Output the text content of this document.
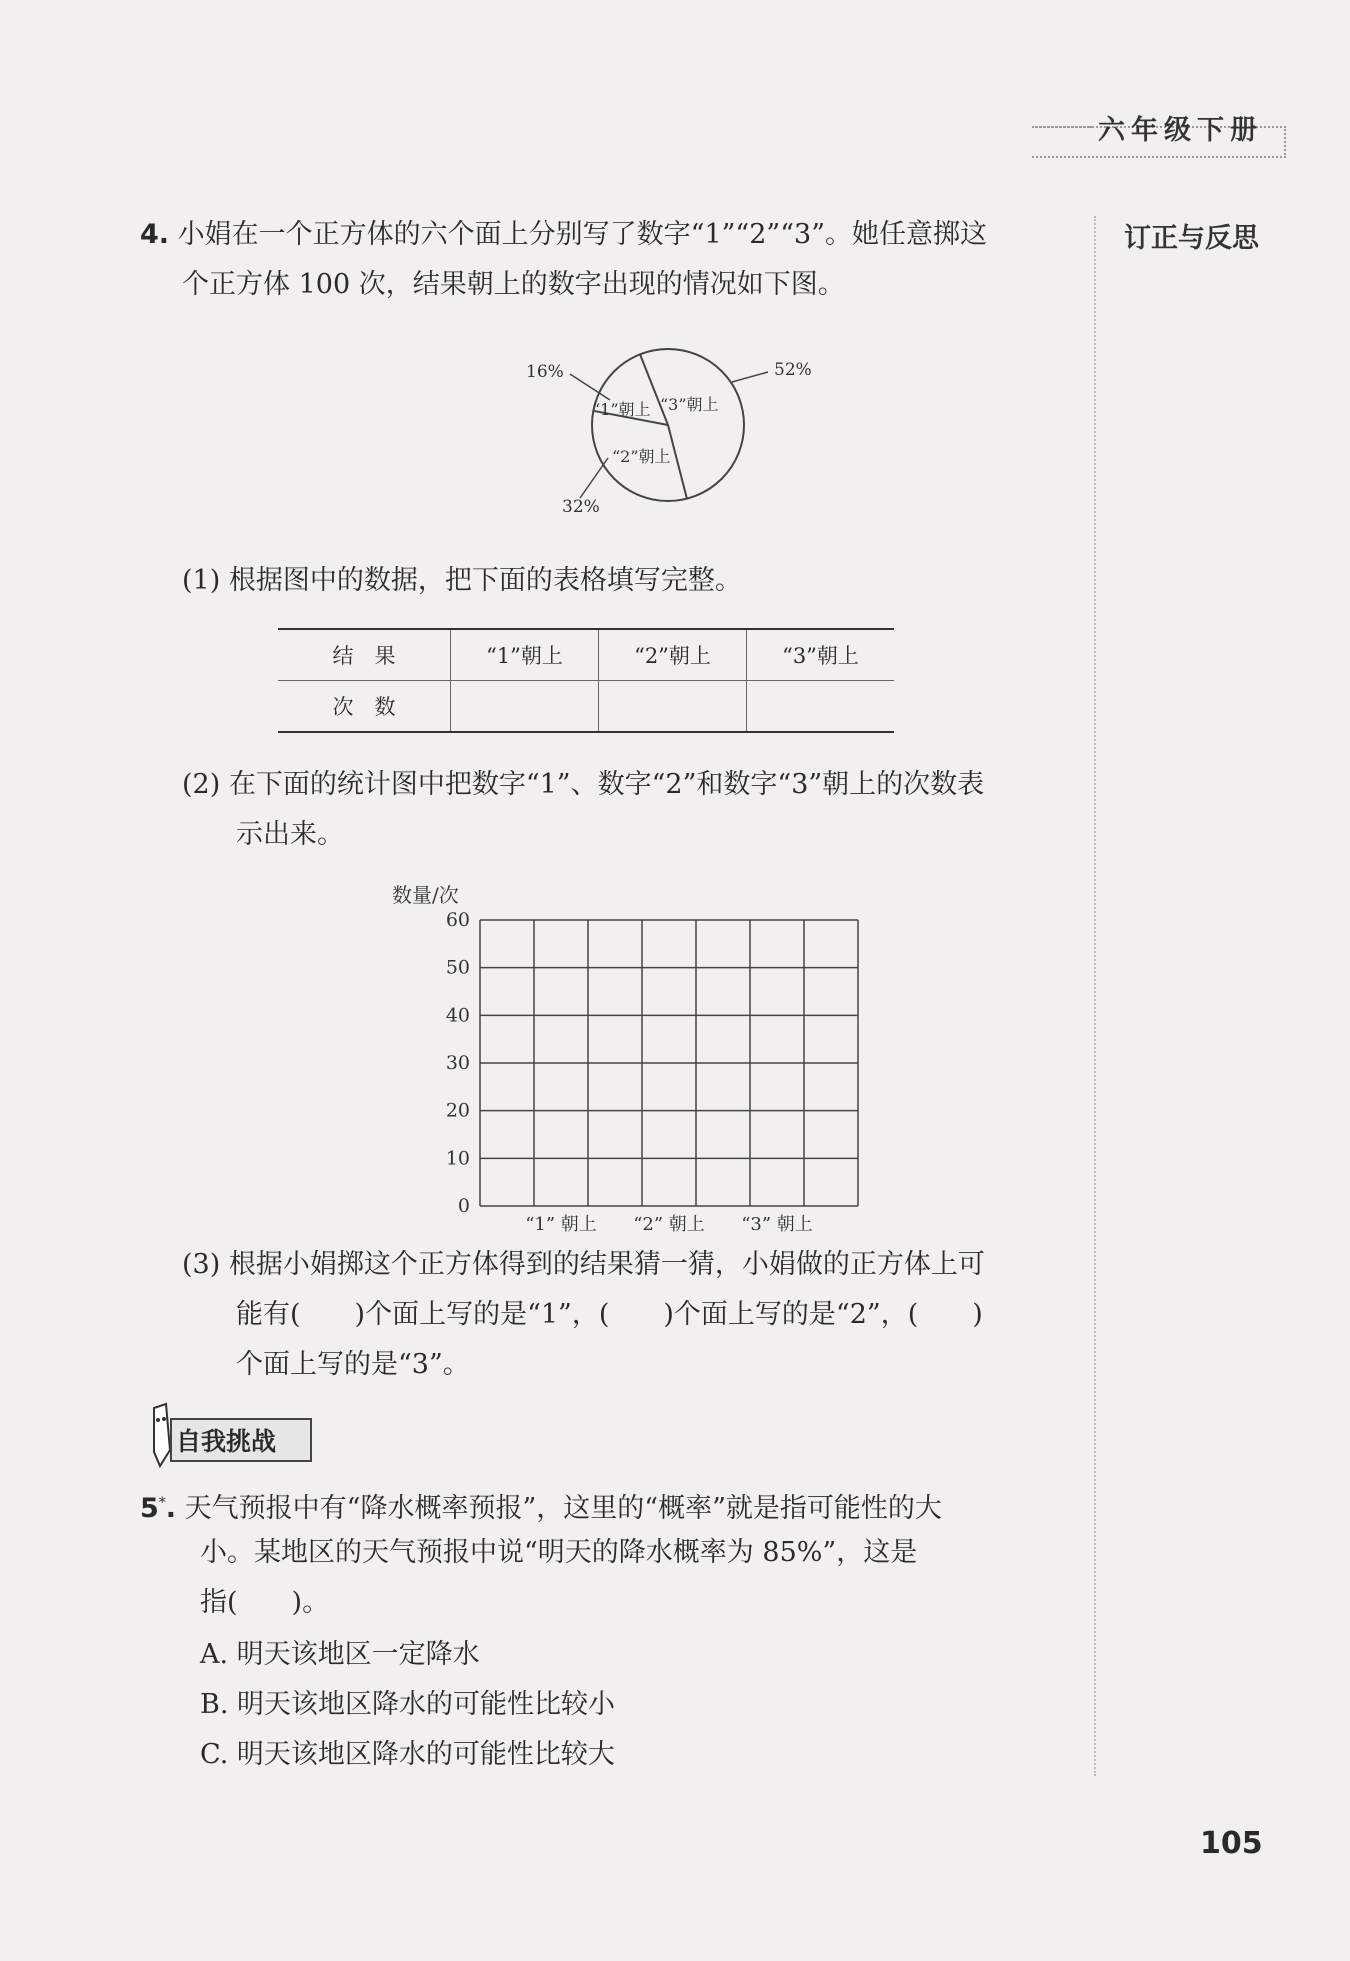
六年级下册
订正与反思
4. 小娟在一个正方体的六个面上分别写了数字“1”“2”“3”。她任意掷这
个正方体 100 次，结果朝上的数字出现的情况如下图。
16%	52%
32%
“1”朝上 “3”朝上
“2”朝上
(1) 根据图中的数据，把下面的表格填写完整。
结　果	“1”朝上	“2”朝上	“3”朝上
次　数			
(2) 在下面的统计图中把数字“1”、数字“2”和数字“3”朝上的次数表
示出来。
数量/次
0
10
20
30
40
50
60
“1” 朝上 “2” 朝上 “3” 朝上
(3) 根据小娟掷这个正方体得到的结果猜一猜，小娟做的正方体上可
能有(　　)个面上写的是“1”，(　　)个面上写的是“2”，(　　)
个面上写的是“3”。
自我挑战
5*. 天气预报中有“降水概率预报”，这里的“概率”就是指可能性的大
小。某地区的天气预报中说“明天的降水概率为 85%”，这是
指(　　)。
A. 明天该地区一定降水
B. 明天该地区降水的可能性比较小
C. 明天该地区降水的可能性比较大
105
